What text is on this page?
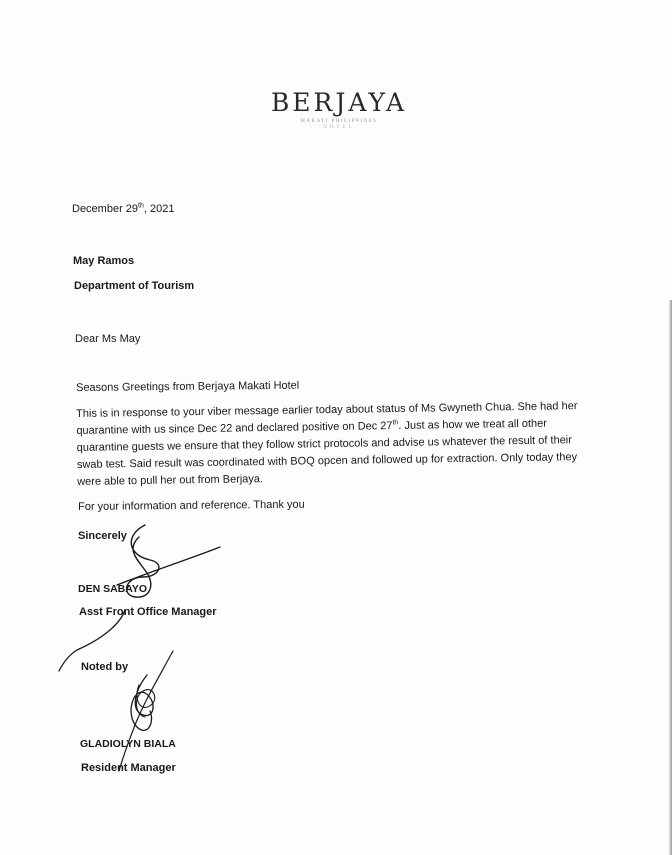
BERJAYA
MAKATI PHILIPPINES
HOTEL
December 29th, 2021
May Ramos
Department of Tourism
Dear Ms May
Seasons Greetings from Berjaya Makati Hotel
This is in response to your viber message earlier today about status of Ms Gwyneth Chua. She had her
quarantine with us since Dec 22 and declared positive on Dec 27th. Just as how we treat all other
quarantine guests we ensure that they follow strict protocols and advise us whatever the result of their
swab test. Said result was coordinated with BOQ opcen and followed up for extraction. Only today they
were able to pull her out from Berjaya.
For your information and reference. Thank you
Sincerely
DEN SABAYO
Asst Front Office Manager
Noted by
GLADIOLYN BIALA
Resident Manager
